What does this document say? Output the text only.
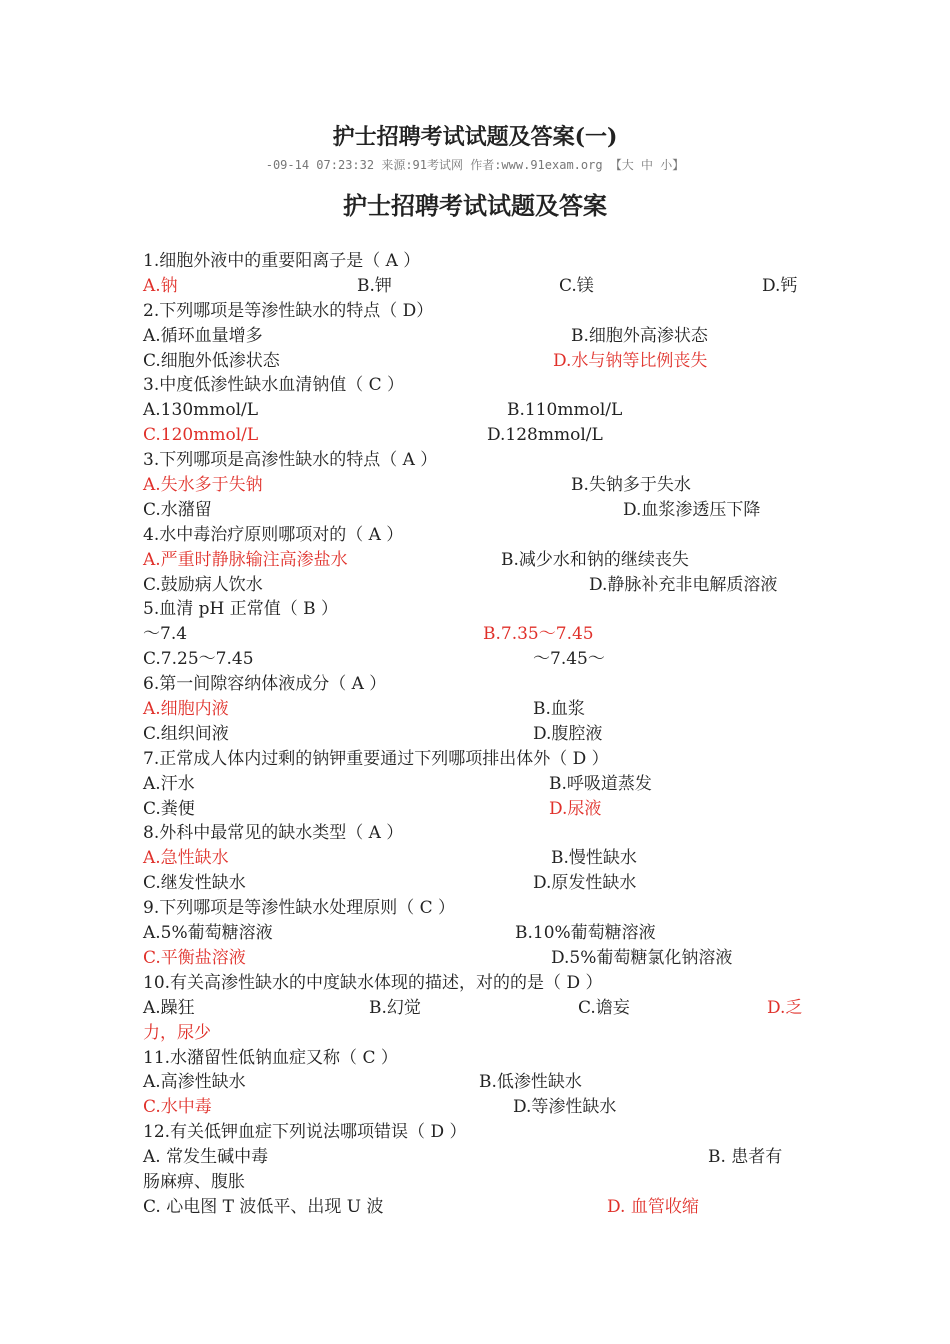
护士招聘考试试题及答案(一)
-09-14 07:23:32 来源:91考试网 作者:www.91exam.org 【大 中 小】
护士招聘考试试题及答案
1.细胞外液中的重要阳离子是（ A ）
A.钠	B.钾	C.镁	D.钙
2.下列哪项是等渗性缺水的特点（ D）
A.循环血量增多	B.细胞外高渗状态
C.细胞外低渗状态	D.水与钠等比例丧失
3.中度低渗性缺水血清钠值（ C ）
A.130mmol/L	B.110mmol/L
C.120mmol/L	D.128mmol/L
3.下列哪项是高渗性缺水的特点（ A ）
A.失水多于失钠	B.失钠多于失水
C.水潴留	D.血浆渗透压下降
4.水中毒治疗原则哪项对的（ A ）
A.严重时静脉输注高渗盐水	B.减少水和钠的继续丧失
C.鼓励病人饮水	D.静脉补充非电解质溶液
5.血清 pH 正常值（ B ）
～7.4	B.7.35～7.45
C.7.25～7.45	～7.45～
6.第一间隙容纳体液成分（ A ）
A.细胞内液	B.血浆
C.组织间液	D.腹腔液
7.正常成人体内过剩的钠钾重要通过下列哪项排出体外（ D ）
A.汗水	B.呼吸道蒸发
C.粪便	D.尿液
8.外科中最常见的缺水类型（ A ）
A.急性缺水	B.慢性缺水
C.继发性缺水	D.原发性缺水
9.下列哪项是等渗性缺水处理原则（ C ）
A.5%葡萄糖溶液	B.10%葡萄糖溶液
C.平衡盐溶液	D.5%葡萄糖氯化钠溶液
10.有关高渗性缺水的中度缺水体现的描述，对的的是（ D ）
A.躁狂	B.幻觉	C.谵妄	D.乏
力，尿少
11.水潴留性低钠血症又称（ C ）
A.高渗性缺水	B.低渗性缺水
C.水中毒	D.等渗性缺水
12.有关低钾血症下列说法哪项错误（ D ）
A. 常发生碱中毒	B. 患者有
肠麻痹、腹胀
C. 心电图 T 波低平、出现 U 波	D. 血管收缩
